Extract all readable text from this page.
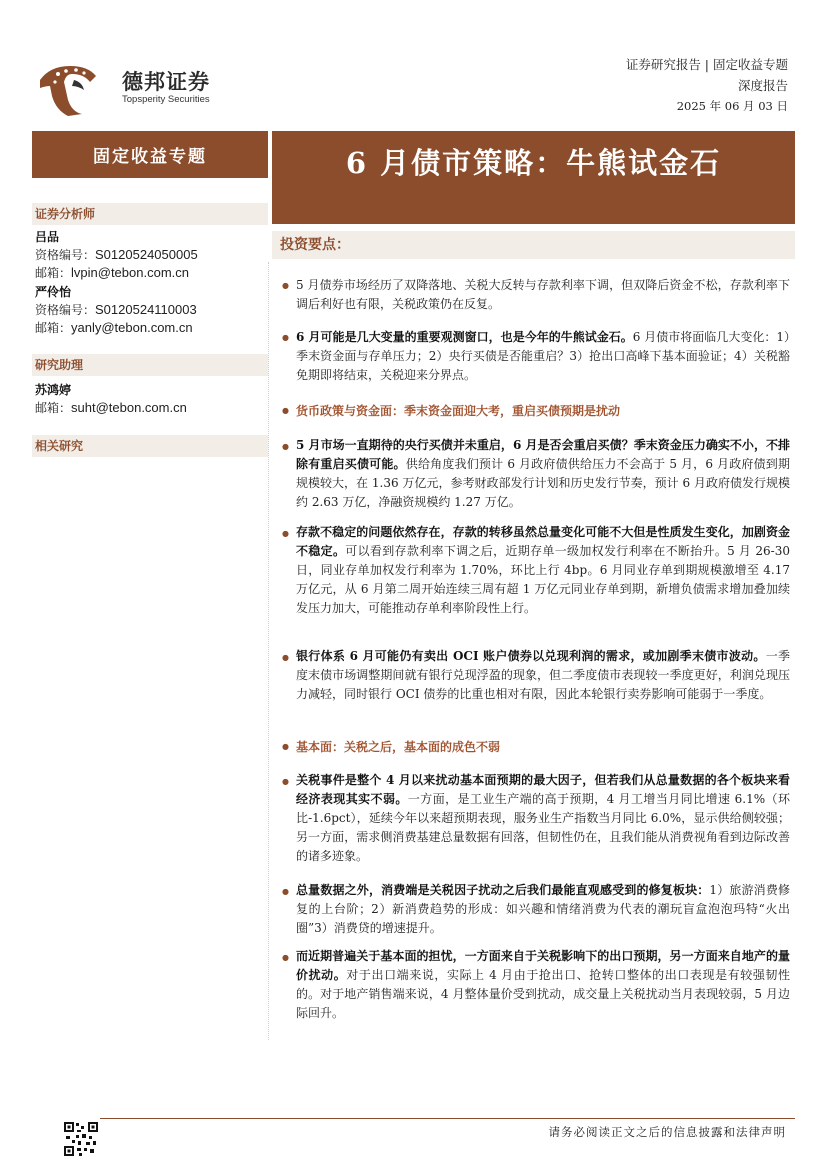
德邦证券
Topsperity Securities
证券研究报告 | 固定收益专题
深度报告
2025 年 06 月 03 日
固定收益专题	6 月债市策略：牛熊试金石
证券分析师
吕品
资格编号：S0120524050005
邮箱：lvpin@tebon.com.cn
严伶怡
资格编号：S0120524110003
邮箱：yanly@tebon.com.cn
研究助理
苏鸿婷
邮箱：suht@tebon.com.cn
相关研究
投资要点：
● 5 月债券市场经历了双降落地、关税大反转与存款利率下调，但双降后资金不松，存款利率下调后利好也有限，关税政策仍在反复。
● 6 月可能是几大变量的重要观测窗口，也是今年的牛熊试金石。6 月债市将面临几大变化：1）季末资金面与存单压力；2）央行买债是否能重启？3）抢出口高峰下基本面验证；4）关税豁免期即将结束，关税迎来分界点。
● 货币政策与资金面：季末资金面迎大考，重启买债预期是扰动
● 5 月市场一直期待的央行买债并未重启，6 月是否会重启买债？季末资金压力确实不小，不排除有重启买债可能。供给角度我们预计 6 月政府债供给压力不会高于 5 月，6 月政府债到期规模较大，在 1.36 万亿元，参考财政部发行计划和历史发行节奏，预计 6 月政府债发行规模约 2.63 万亿，净融资规模约 1.27 万亿。
● 存款不稳定的问题依然存在，存款的转移虽然总量变化可能不大但是性质发生变化，加剧资金不稳定。可以看到存款利率下调之后，近期存单一级加权发行利率在不断抬升。5 月 26-30 日，同业存单加权发行利率为 1.70%，环比上行 4bp。6 月同业存单到期规模激增至 4.17 万亿元，从 6 月第二周开始连续三周有超 1 万亿元同业存单到期，新增负债需求增加叠加续发压力加大，可能推动存单利率阶段性上行。
● 银行体系 6 月可能仍有卖出 OCI 账户债券以兑现利润的需求，或加剧季末债市波动。一季度末债市场调整期间就有银行兑现浮盈的现象，但二季度债市表现较一季度更好，利润兑现压力减轻，同时银行 OCI 债券的比重也相对有限，因此本轮银行卖券影响可能弱于一季度。
● 基本面：关税之后，基本面的成色不弱
● 关税事件是整个 4 月以来扰动基本面预期的最大因子，但若我们从总量数据的各个板块来看经济表现其实不弱。一方面，是工业生产端的高于预期，4 月工增当月同比增速 6.1%（环比-1.6pct），延续今年以来超预期表现，服务业生产指数当月同比 6.0%，显示供给侧较强；另一方面，需求侧消费基建总量数据有回落，但韧性仍在，且我们能从消费视角看到边际改善的诸多迹象。
● 总量数据之外，消费端是关税因子扰动之后我们最能直观感受到的修复板块：1）旅游消费修复的上台阶；2）新消费趋势的形成：如兴趣和情绪消费为代表的潮玩盲盒泡泡玛特“火出圈”3）消费贷的增速提升。
● 而近期普遍关于基本面的担忧，一方面来自于关税影响下的出口预期，另一方面来自地产的量价扰动。对于出口端来说，实际上 4 月由于抢出口、抢转口整体的出口表现是有较强韧性的。对于地产销售端来说，4 月整体量价受到扰动，成交量上关税扰动当月表现较弱，5 月边际回升。
请务必阅读正文之后的信息披露和法律声明
